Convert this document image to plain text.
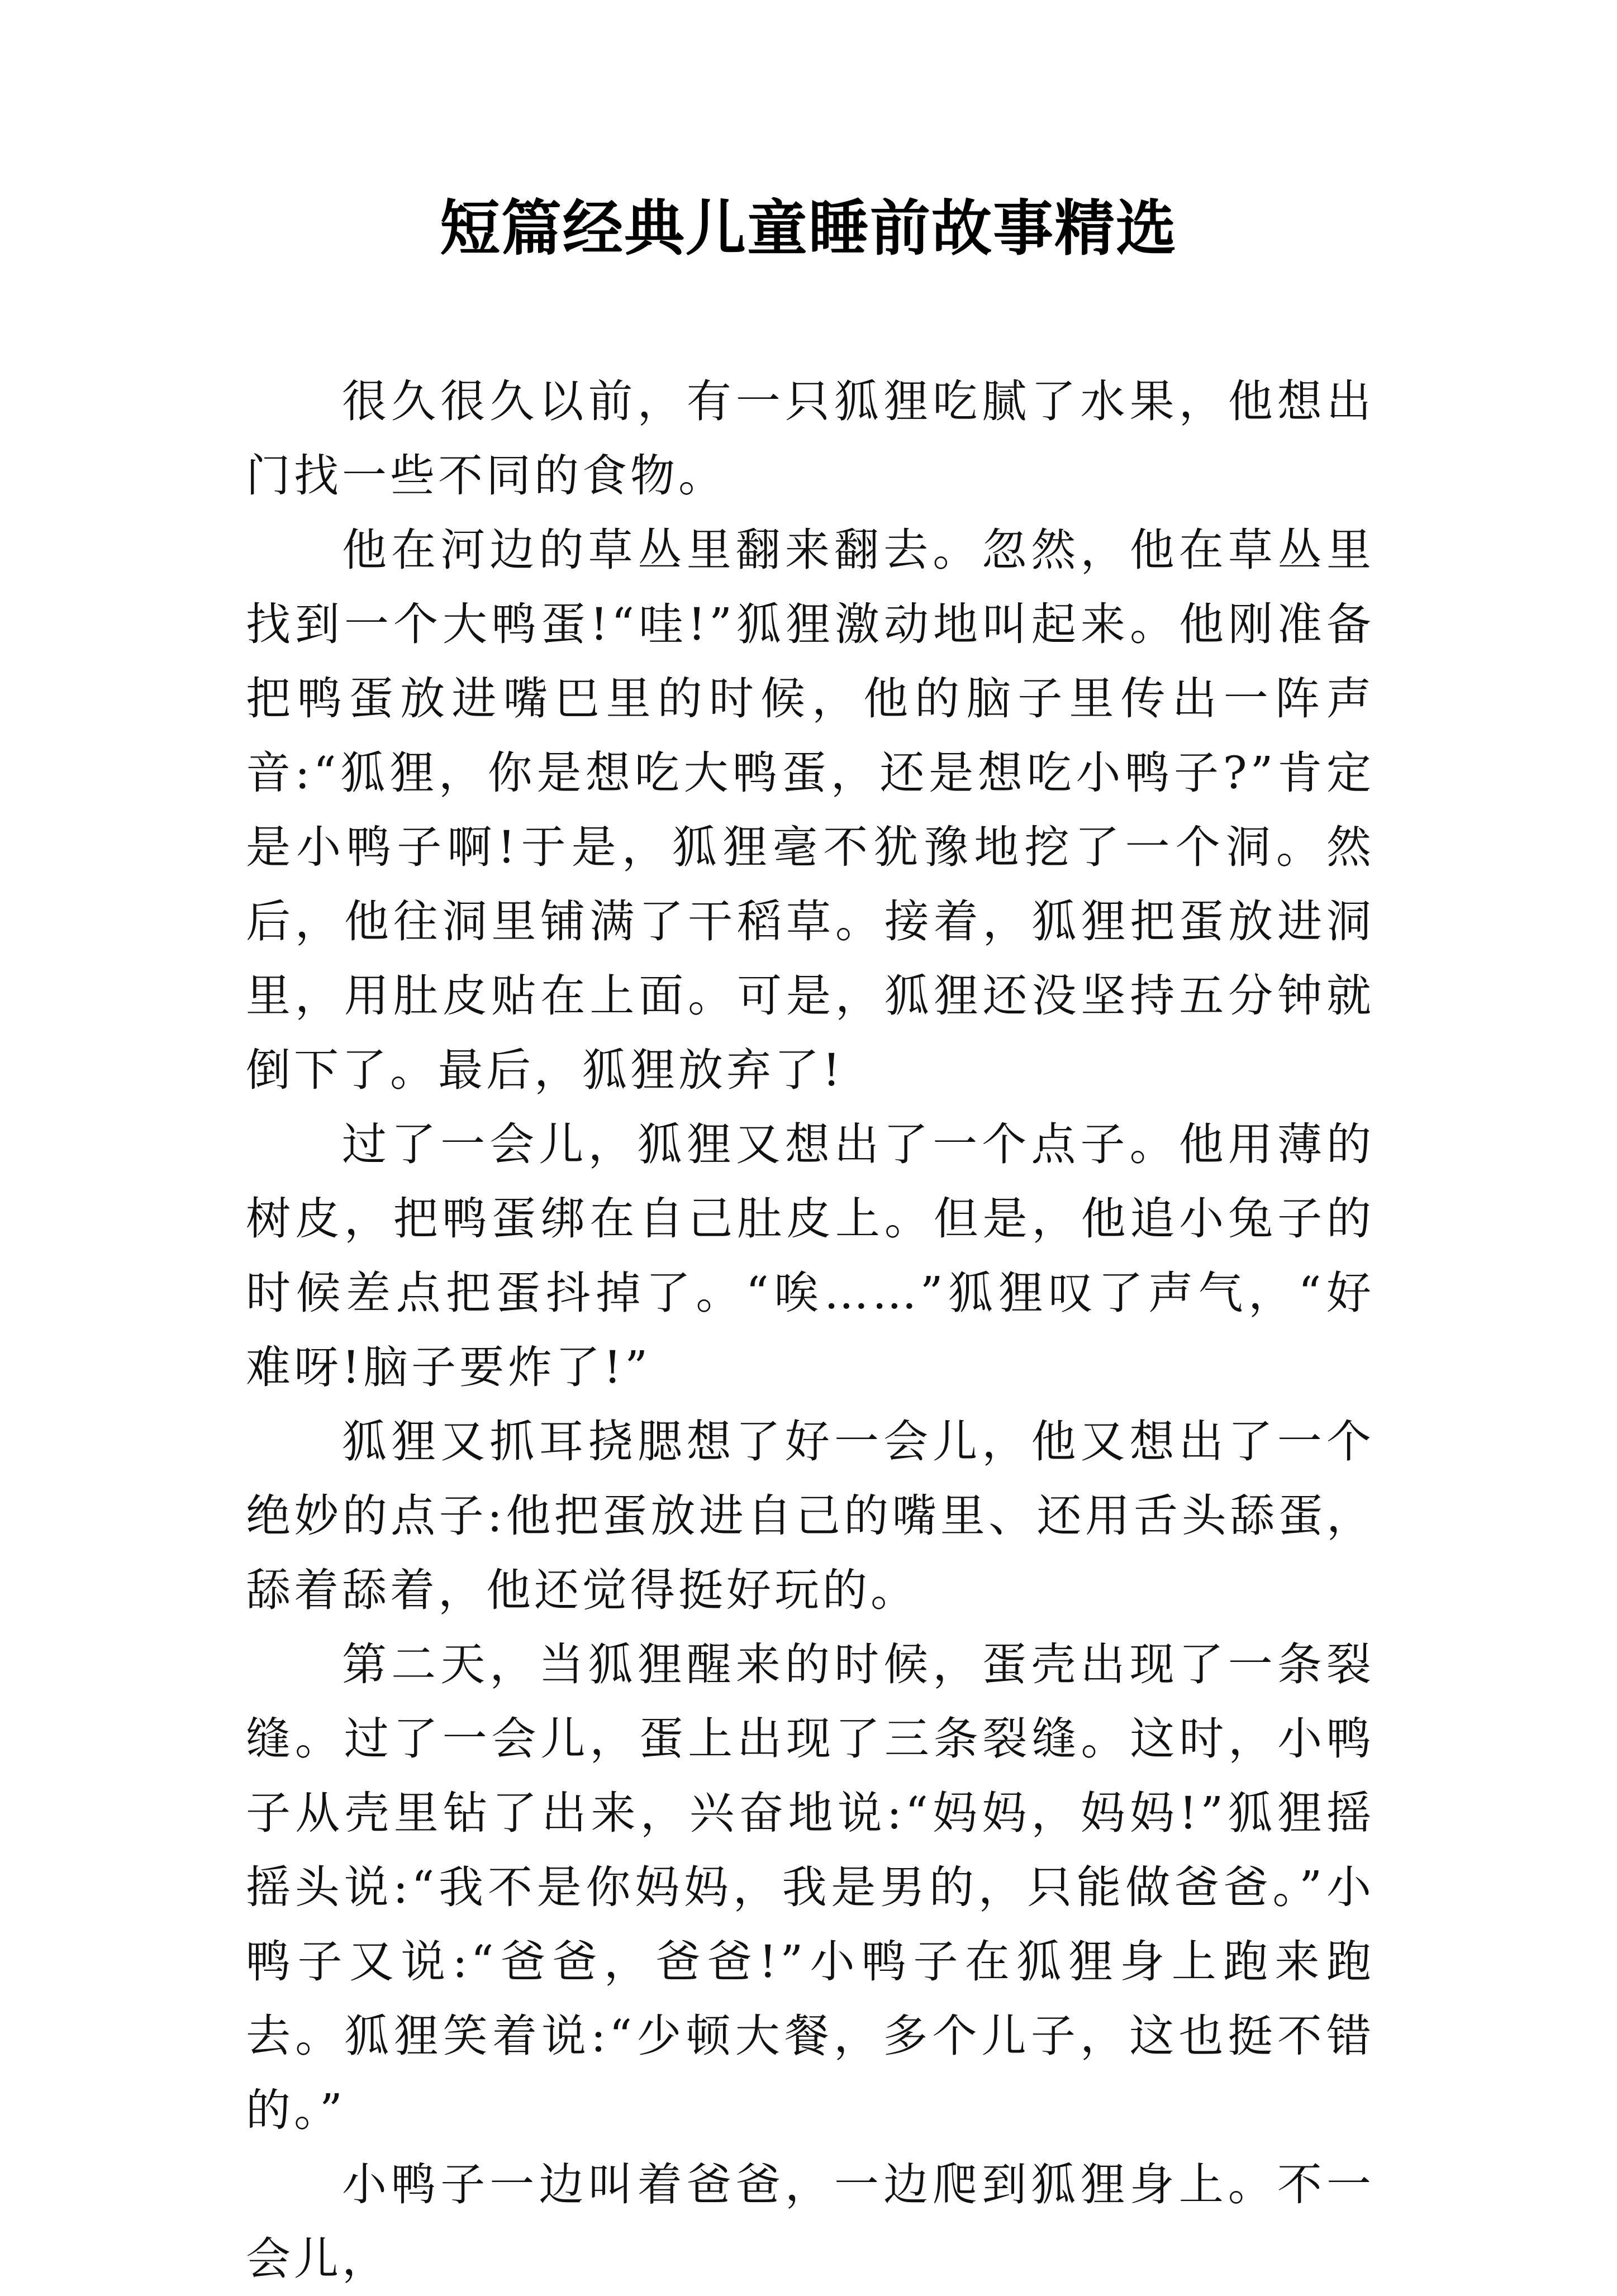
短篇经典儿童睡前故事精选

很久很久以前，有一只狐狸吃腻了水果，他想出门找一些不同的食物。

他在河边的草丛里翻来翻去。忽然，他在草丛里找到一个大鸭蛋!“哇!”狐狸激动地叫起来。他刚准备把鸭蛋放进嘴巴里的时候，他的脑子里传出一阵声音:“狐狸，你是想吃大鸭蛋，还是想吃小鸭子?”肯定是小鸭子啊!于是，狐狸毫不犹豫地挖了一个洞。然后，他往洞里铺满了干稻草。接着，狐狸把蛋放进洞里，用肚皮贴在上面。可是，狐狸还没坚持五分钟就倒下了。最后，狐狸放弃了!

过了一会儿，狐狸又想出了一个点子。他用薄的树皮，把鸭蛋绑在自己肚皮上。但是，他追小兔子的时候差点把蛋抖掉了。“唉……”狐狸叹了声气，“好难呀!脑子要炸了!”

狐狸又抓耳挠腮想了好一会儿，他又想出了一个绝妙的点子:他把蛋放进自己的嘴里、还用舌头舔蛋，舔着舔着，他还觉得挺好玩的。

第二天，当狐狸醒来的时候，蛋壳出现了一条裂缝。过了一会儿，蛋上出现了三条裂缝。这时，小鸭子从壳里钻了出来，兴奋地说:“妈妈，妈妈!”狐狸摇摇头说:“我不是你妈妈，我是男的，只能做爸爸。”小鸭子又说:“爸爸，爸爸!”小鸭子在狐狸身上跑来跑去。狐狸笑着说:“少顿大餐，多个儿子，这也挺不错的。”

小鸭子一边叫着爸爸，一边爬到狐狸身上。不一会儿，
